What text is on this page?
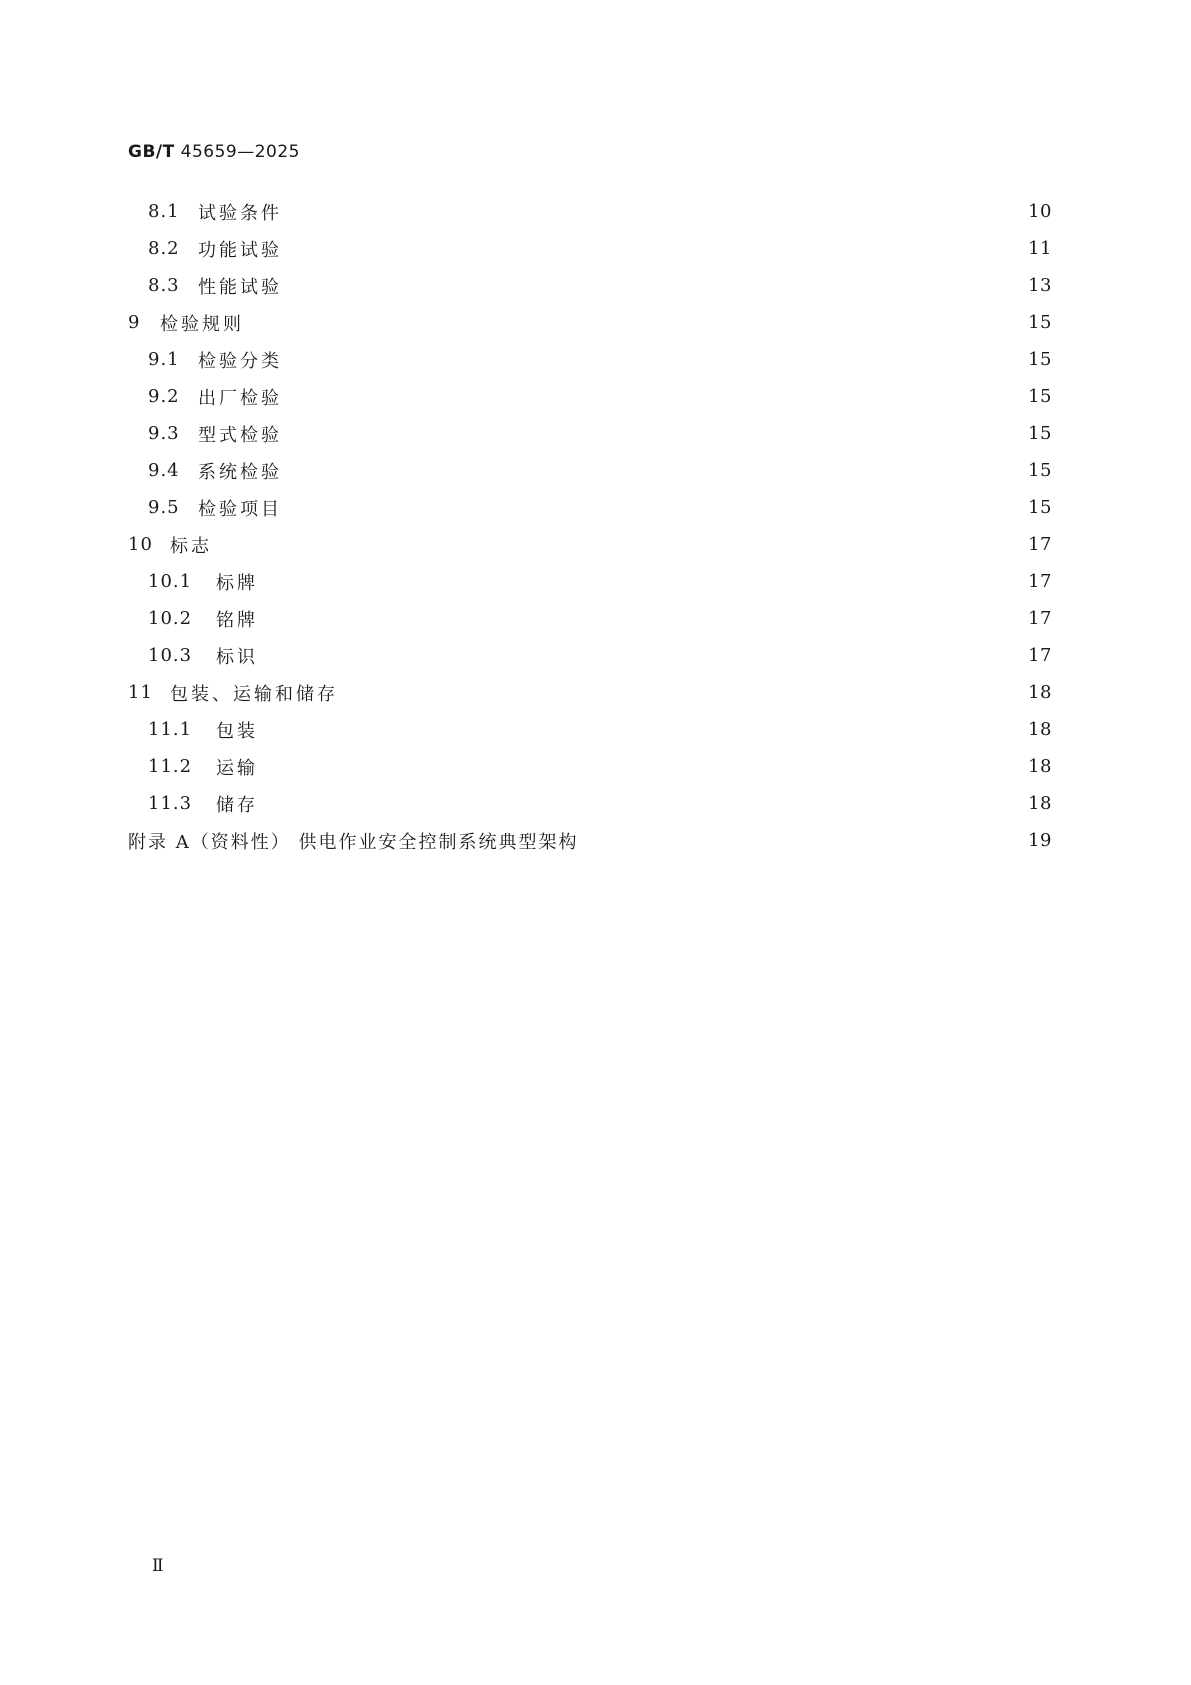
GB/T 45659—2025
8.1	试验条件	10
8.2	功能试验	11
8.3	性能试验	13
9	检验规则	15
9.1	检验分类	15
9.2	出厂检验	15
9.3	型式检验	15
9.4	系统检验	15
9.5	检验项目	15
10 标志	17
10.1	标牌	17
10.2	铭牌	17
10.3	标识	17
11 包装、运输和储存	18
11.1	包装	18
11.2	运输	18
11.3	储存	18
附录 A（资料性） 供电作业安全控制系统典型架构	19
Ⅱ
